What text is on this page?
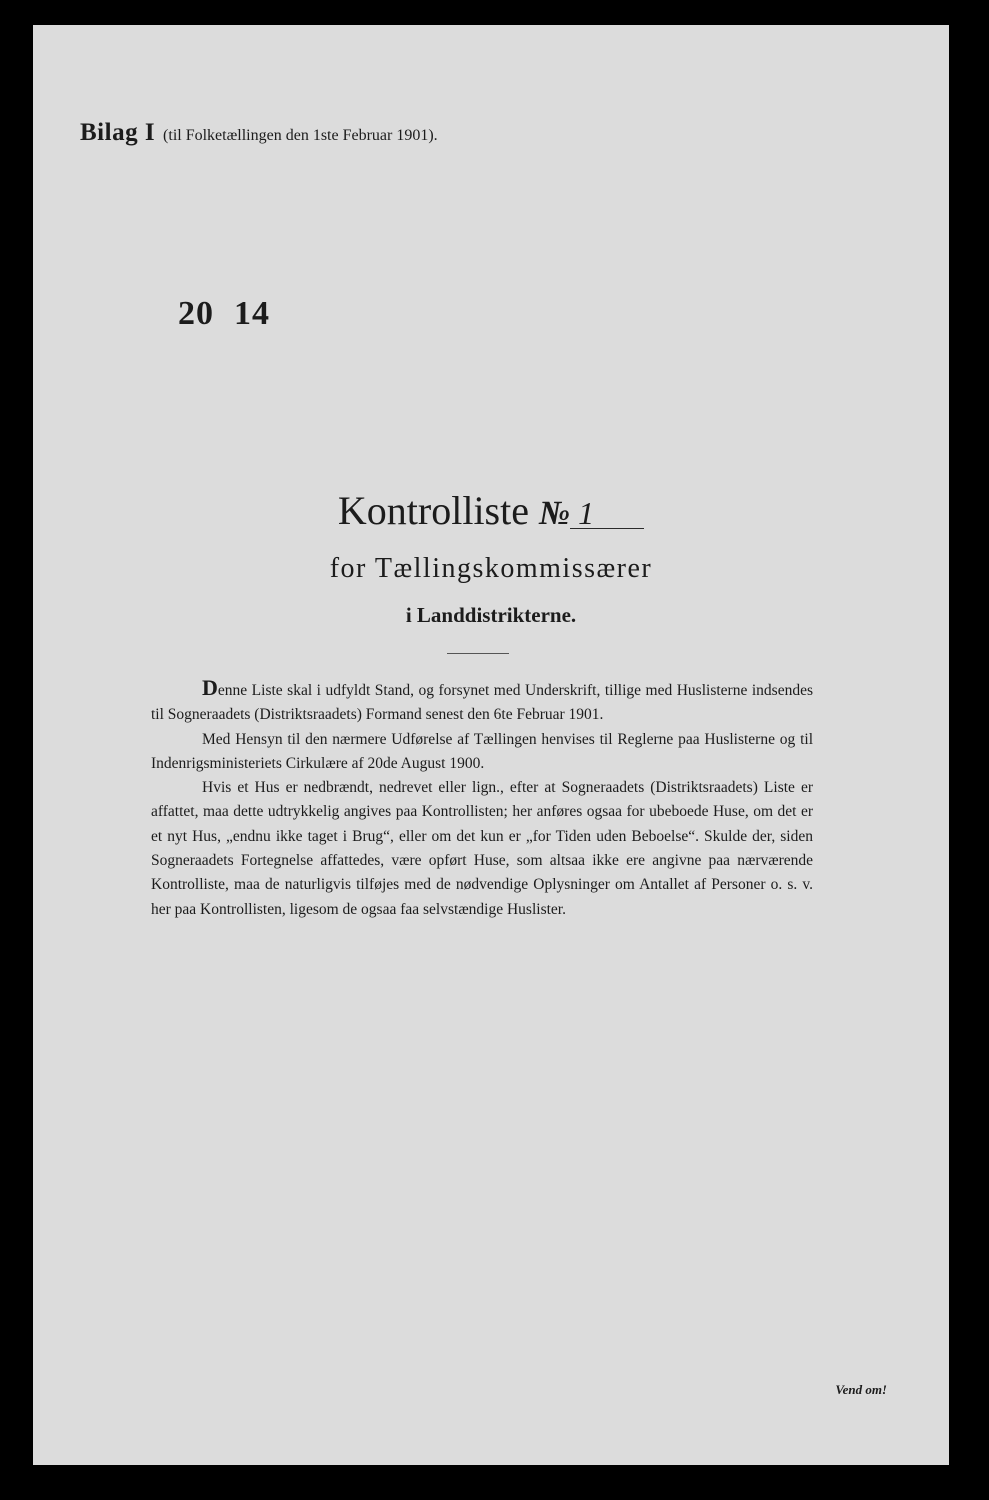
Bilag I (til Folketællingen den 1ste Februar 1901).
20 14
Kontrolliste № 1
for Tællingskommissærer
i Landdistrikterne.

Denne Liste skal i udfyldt Stand, og forsynet med Underskrift, tillige med Huslisterne indsendes til Sogneraadets (Distriktsraadets) Formand senest den 6te Februar 1901.

Med Hensyn til den nærmere Udførelse af Tællingen henvises til Reglerne paa Huslisterne og til Indenrigsministeriets Cirkulære af 20de August 1900.

Hvis et Hus er nedbrændt, nedrevet eller lign., efter at Sogneraadets (Distriktsraadets) Liste er affattet, maa dette udtrykkelig angives paa Kontrollisten; her anføres ogsaa for ubeboede Huse, om det er et nyt Hus, „endnu ikke taget i Brug“, eller om det kun er „for Tiden uden Beboelse“. Skulde der, siden Sogneraadets Fortegnelse affattedes, være opført Huse, som altsaa ikke ere angivne paa nærværende Kontrolliste, maa de naturligvis tilføjes med de nødvendige Oplysninger om Antallet af Personer o. s. v. her paa Kontrollisten, ligesom de ogsaa faa selvstændige Huslister.

Vend om!
